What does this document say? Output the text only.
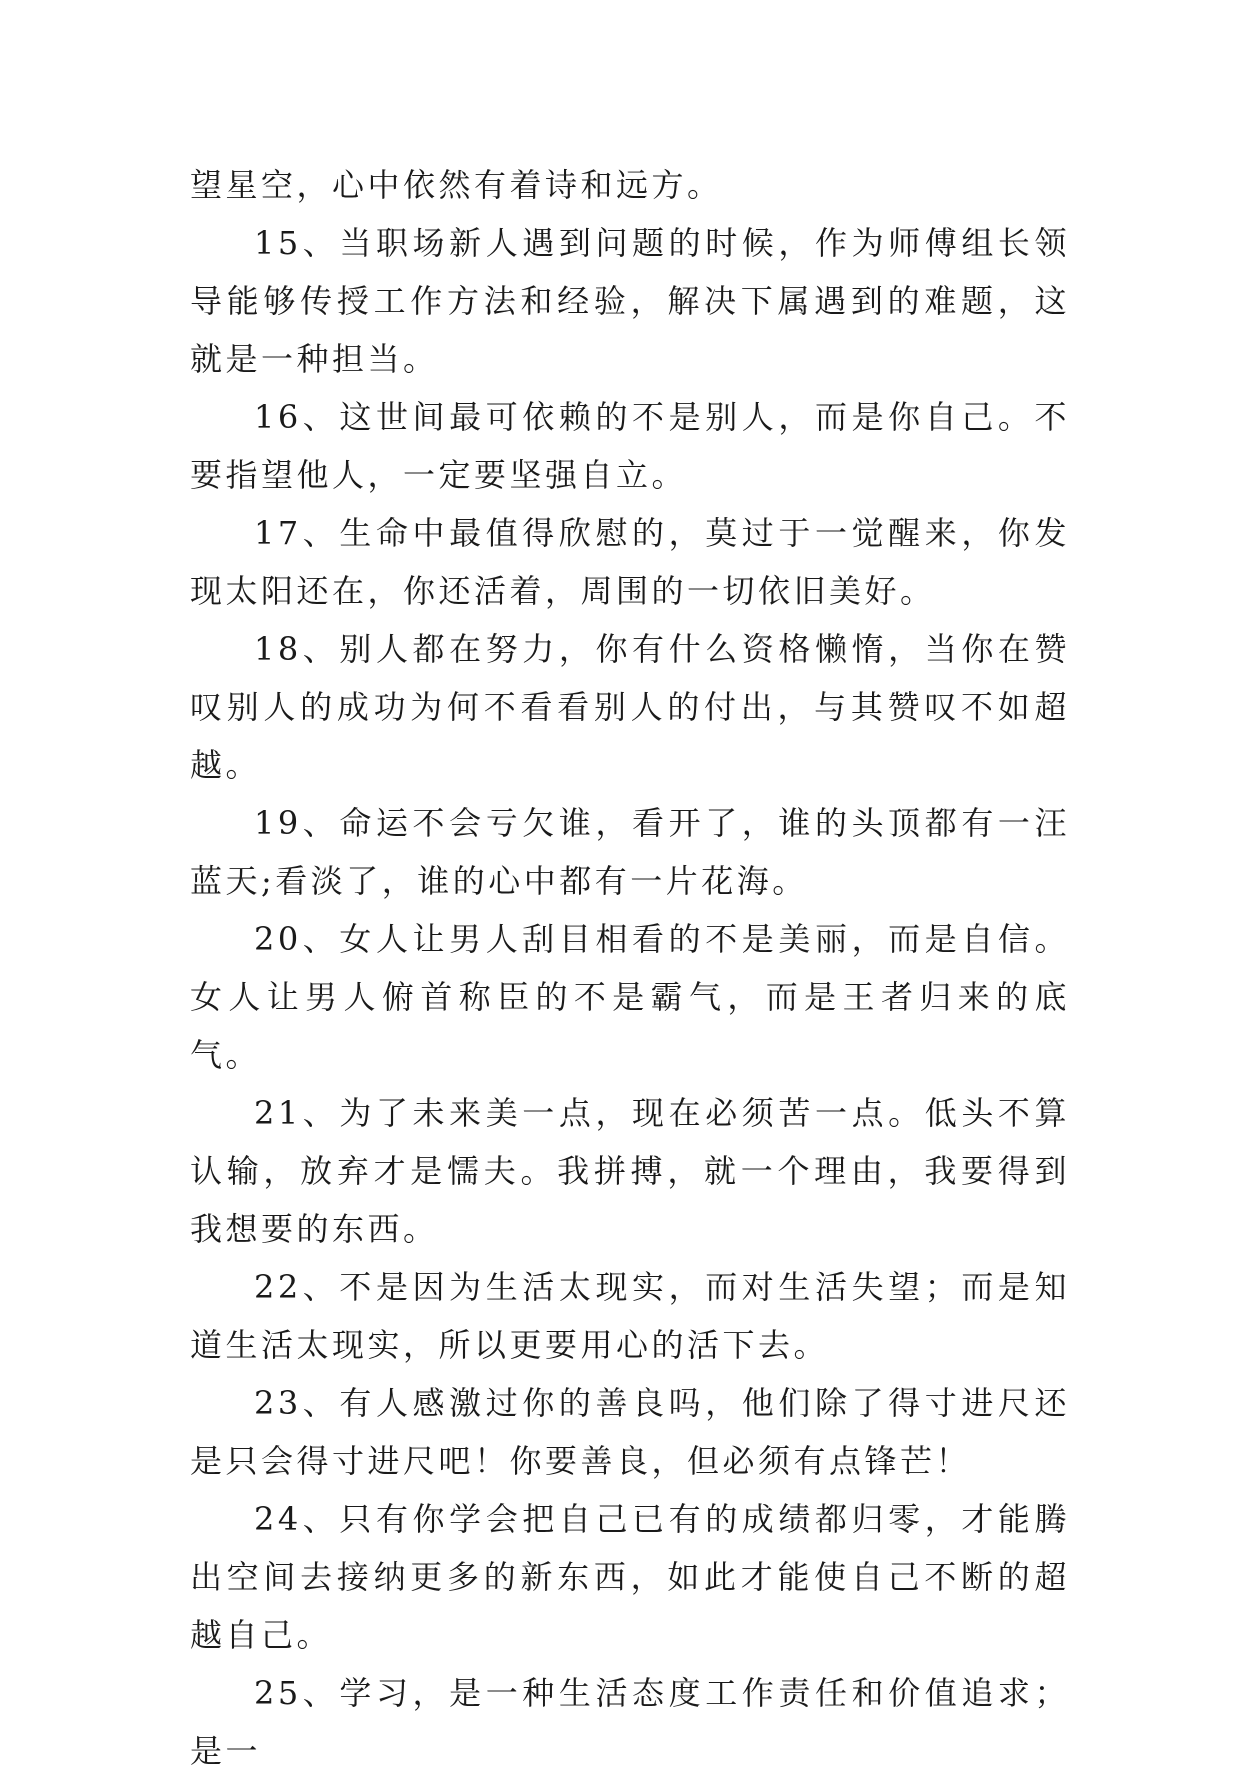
望星空，心中依然有着诗和远方。

15、当职场新人遇到问题的时候，作为师傅组长领导能够传授工作方法和经验，解决下属遇到的难题，这就是一种担当。

16、这世间最可依赖的不是别人，而是你自己。不要指望他人，一定要坚强自立。

17、生命中最值得欣慰的，莫过于一觉醒来，你发现太阳还在，你还活着，周围的一切依旧美好。

18、别人都在努力，你有什么资格懒惰，当你在赞叹别人的成功为何不看看别人的付出，与其赞叹不如超越。

19、命运不会亏欠谁，看开了，谁的头顶都有一汪蓝天;看淡了，谁的心中都有一片花海。

20、女人让男人刮目相看的不是美丽，而是自信。女人让男人俯首称臣的不是霸气，而是王者归来的底气。

21、为了未来美一点，现在必须苦一点。低头不算认输，放弃才是懦夫。我拼搏，就一个理由，我要得到我想要的东西。

22、不是因为生活太现实，而对生活失望；而是知道生活太现实，所以更要用心的活下去。

23、有人感激过你的善良吗，他们除了得寸进尺还是只会得寸进尺吧！你要善良，但必须有点锋芒！

24、只有你学会把自己已有的成绩都归零，才能腾出空间去接纳更多的新东西，如此才能使自己不断的超越自己。

25、学习，是一种生活态度工作责任和价值追求；是一
